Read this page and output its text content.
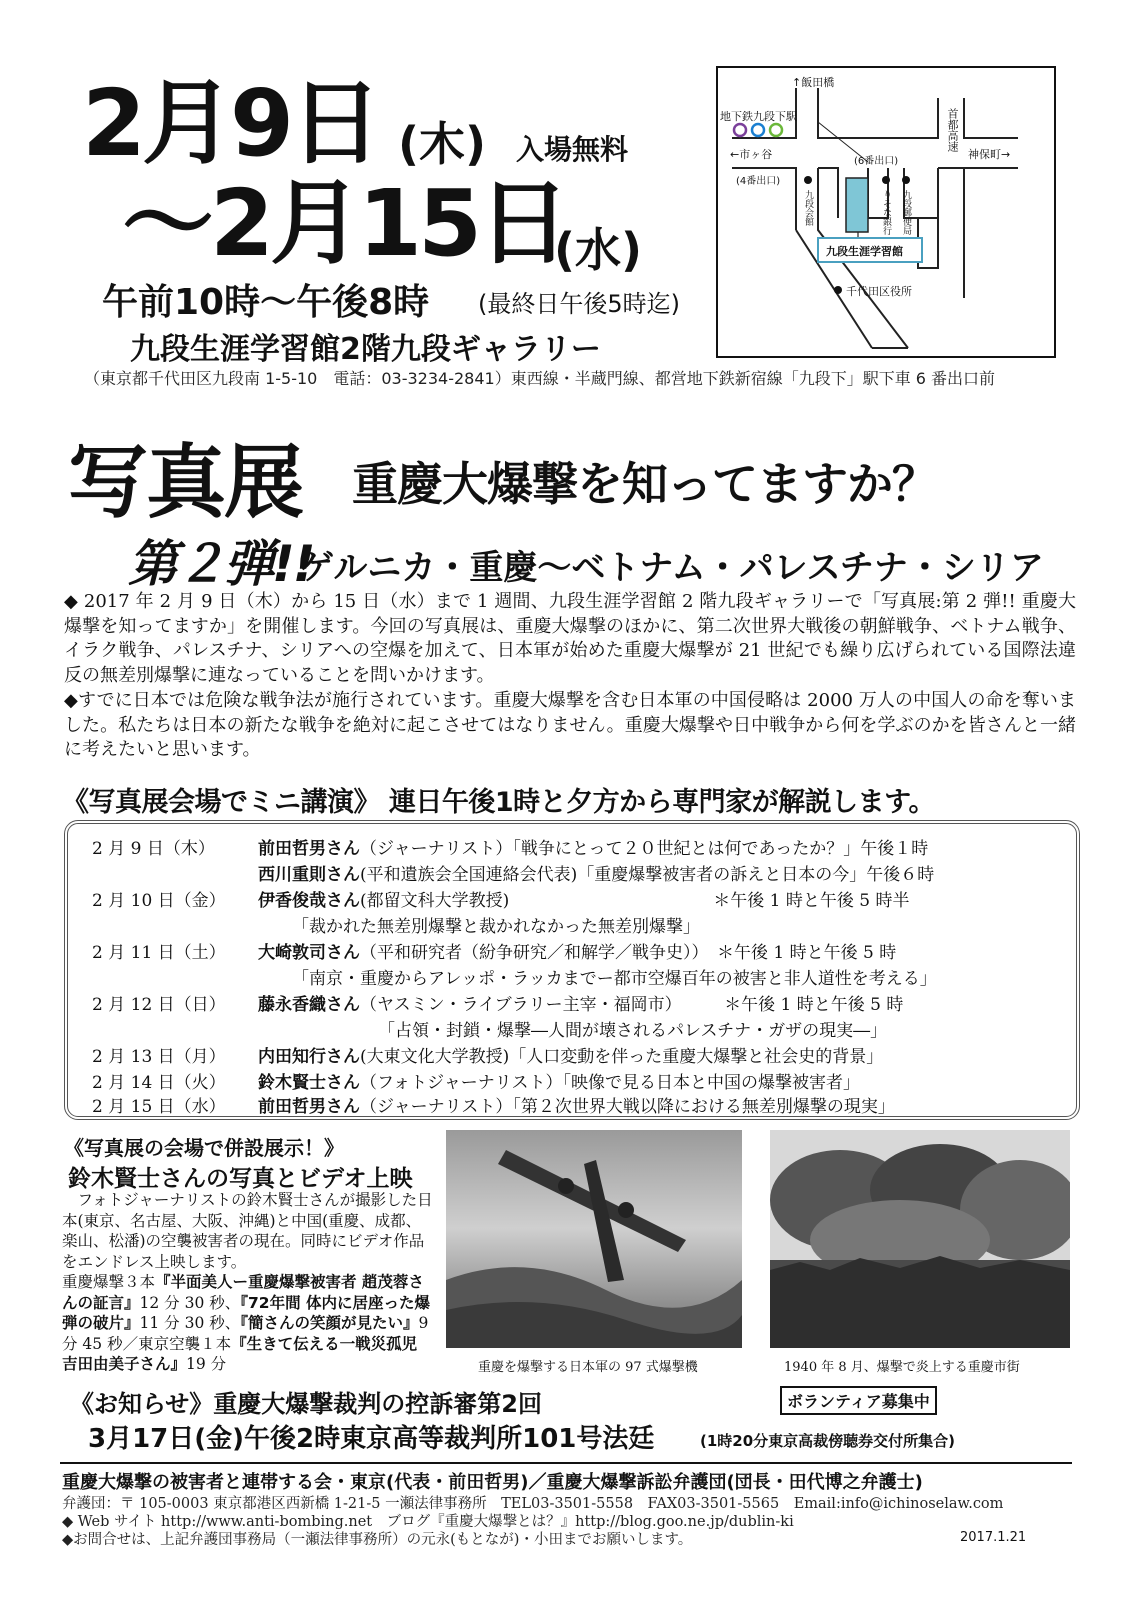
2月9日 (木) 入場無料
～2月15日
(水)
午前10時～午後8時 (最終日午後5時迄)
九段生涯学習館2階九段ギャラリー
（東京都千代田区九段南 1-5-10　電話：03-3234-2841）東西線・半蔵門線、都営地下鉄新宿線「九段下」駅下車 6 番出口前
↑飯田橋
地下鉄九段下駅
←市ヶ谷	神保町→
(6番出口)
(4番出口)
首都高速
九段会館	りそな銀行 九段郵便局
九段生涯学習館
千代田区役所
写真展 重慶大爆撃を知ってますか？
第２弾!!
ゲルニカ・重慶～ベトナム・パレスチナ・シリア
◆ 2017 年 2 月 9 日（木）から 15 日（水）まで 1 週間、九段生涯学習館 2 階九段ギャラリーで「写真展:第 2 弾!! 重慶大爆撃を知ってますか」を開催します。今回の写真展は、重慶大爆撃のほかに、第二次世界大戦後の朝鮮戦争、ベトナム戦争、イラク戦争、パレスチナ、シリアへの空爆を加えて、日本軍が始めた重慶大爆撃が 21 世紀でも繰り広げられている国際法違反の無差別爆撃に連なっていることを問いかけます。
◆すでに日本では危険な戦争法が施行されています。重慶大爆撃を含む日本軍の中国侵略は 2000 万人の中国人の命を奪いました。私たちは日本の新たな戦争を絶対に起こさせてはなりません。重慶大爆撃や日中戦争から何を学ぶのかを皆さんと一緒に考えたいと思います。
《写真展会場でミニ講演》 連日午後1時と夕方から専門家が解説します。
2 月 9 日（木）	前田哲男さん（ジャーナリスト）「戦争にとって２０世紀とは何であったか？」午後１時
西川重則さん(平和遺族会全国連絡会代表)「重慶爆撃被害者の訴えと日本の今」午後６時
2 月 10 日（金） 伊香俊哉さん(都留文科大学教授)　　　　　　　　　　　　＊午後 1 時と午後 5 時半
「裁かれた無差別爆撃と裁かれなかった無差別爆撃」
2 月 11 日（土） 大崎敦司さん（平和研究者（紛争研究／和解学／戦争史））　＊午後 1 時と午後 5 時
「南京・重慶からアレッポ・ラッカまでー都市空爆百年の被害と非人道性を考える」
2 月 12 日（日） 藤永香織さん（ヤスミン・ライブラリー主宰・福岡市）　　　＊午後 1 時と午後 5 時
「占領・封鎖・爆撃―人間が壊されるパレスチナ・ガザの現実―」
2 月 13 日（月） 内田知行さん(大東文化大学教授)「人口変動を伴った重慶大爆撃と社会史的背景」
2 月 14 日（火） 鈴木賢士さん（フォトジャーナリスト）「映像で見る日本と中国の爆撃被害者」
2 月 15 日（水） 前田哲男さん（ジャーナリスト）「第２次世界大戦以降における無差別爆撃の現実」
《写真展の会場で併設展示！》
鈴木賢士さんの写真とビデオ上映
フォトジャーナリストの鈴木賢士さんが撮影した日本(東京、名古屋、大阪、沖縄)と中国(重慶、成都、楽山、松潘)の空襲被害者の現在。同時にビデオ作品をエンドレス上映します。
重慶爆撃３本『半面美人ー重慶爆撃被害者 趙茂蓉さんの証言』12 分 30 秒、『72年間 体内に居座った爆弾の破片』11 分 30 秒、『簡さんの笑顔が見たい』9 分 45 秒／東京空襲１本『生きて伝える一戦災孤児　吉田由美子さん』19 分	重慶を爆撃する日本軍の 97 式爆撃機	1940 年 8 月、爆撃で炎上する重慶市街
《お知らせ》重慶大爆撃裁判の控訴審第2回	ボランティア募集中
3月17日(金)午後2時東京高等裁判所101号法廷	(1時20分東京高裁傍聴券交付所集合)
重慶大爆撃の被害者と連帯する会・東京(代表・前田哲男)／重慶大爆撃訴訟弁護団(団長・田代博之弁護士)
弁護団：〒 105-0003 東京都港区西新橋 1-21-5 一瀬法律事務所　TEL03-3501-5558　FAX03-3501-5565　Email:info@ichinoselaw.com
◆ Web サイト http://www.anti-bombing.net　ブログ『重慶大爆撃とは？』http://blog.goo.ne.jp/dublin-ki
◆お問合せは、上記弁護団事務局（一瀬法律事務所）の元永(もとなが)・小田までお願いします。	2017.1.21
